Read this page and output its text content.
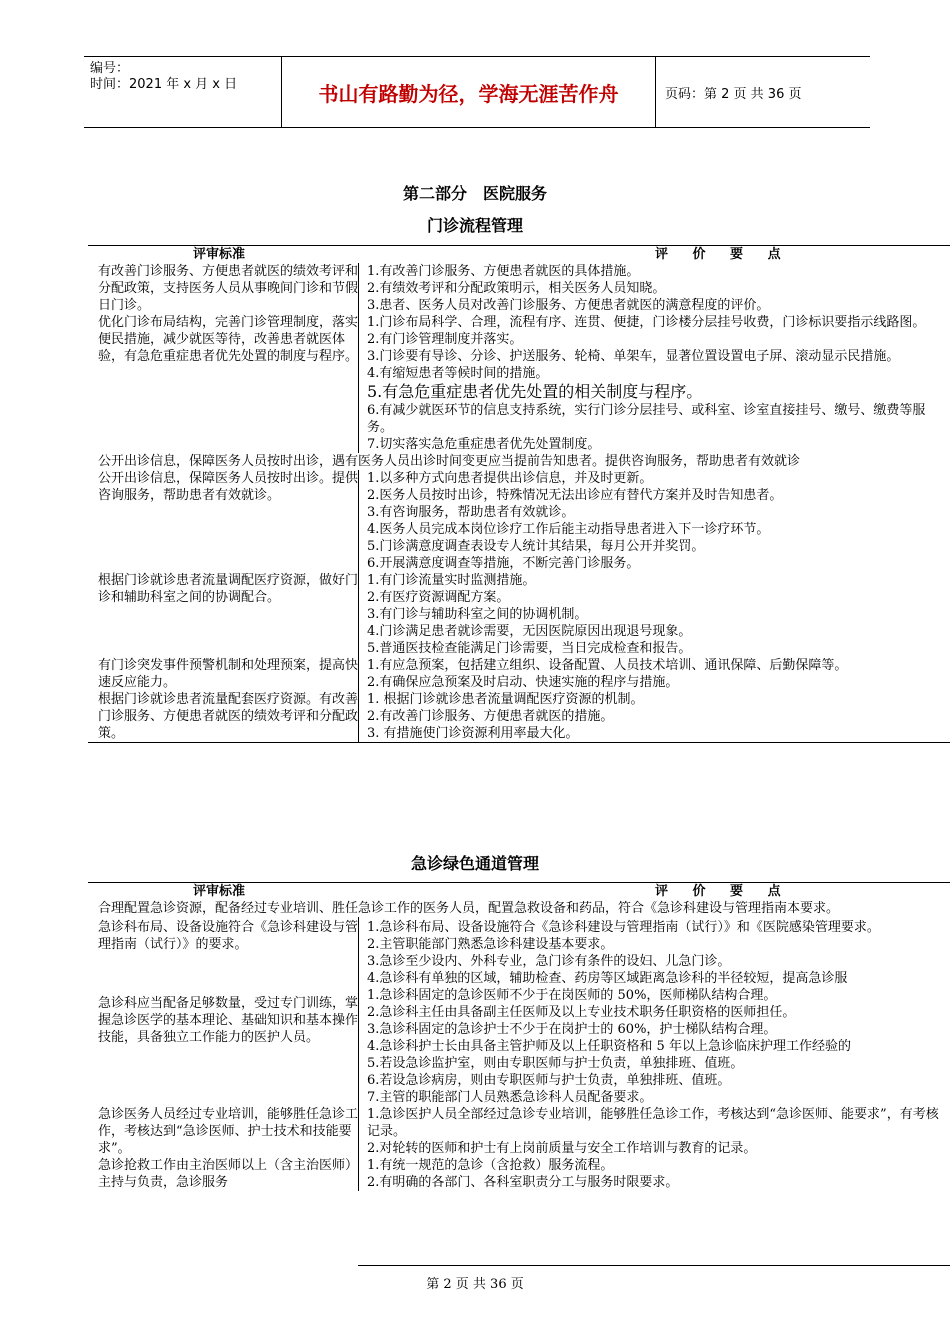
编号：
时间：2021 年 x 月 x 日	书山有路勤为径，学海无涯苦作舟	页码：第 2 页 共 36 页
第二部分　医院服务
门诊流程管理
评审标准	评 价 要 点
有改善门诊服务、方便患者就医的绩效考评和分配政策，支持医务人员从事晚间门诊和节假日门诊。
1.有改善门诊服务、方便患者就医的具体措施。
2.有绩效考评和分配政策明示，相关医务人员知晓。
3.患者、医务人员对改善门诊服务、方便患者就医的满意程度的评价。
优化门诊布局结构，完善门诊管理制度，落实便民措施，减少就医等待，改善患者就医体验，有急危重症患者优先处置的制度与程序。
1.门诊布局科学、合理，流程有序、连贯、便捷，门诊楼分层挂号收费，门诊标识要指示线路图。
2.有门诊管理制度并落实。
3.门诊要有导诊、分诊、护送服务、轮椅、单架车，显著位置设置电子屏、滚动显示民措施。
4.有缩短患者等候时间的措施。
5.有急危重症患者优先处置的相关制度与程序。
6.有减少就医环节的信息支持系统，实行门诊分层挂号、或科室、诊室直接挂号、缴号、缴费等服务。
7.切实落实急危重症患者优先处置制度。
公开出诊信息，保障医务人员按时出诊，遇有医务人员出诊时间变更应当提前告知患者。提供咨询服务，帮助患者有效就诊
公开出诊信息，保障医务人员按时出诊。提供咨询服务，帮助患者有效就诊。
1.以多种方式向患者提供出诊信息，并及时更新。
2.医务人员按时出诊，特殊情况无法出诊应有替代方案并及时告知患者。
3.有咨询服务，帮助患者有效就诊。
4.医务人员完成本岗位诊疗工作后能主动指导患者进入下一诊疗环节。
5.门诊满意度调查表设专人统计其结果，每月公开并奖罚。
6.开展满意度调查等措施，不断完善门诊服务。
根据门诊就诊患者流量调配医疗资源，做好门诊和辅助科室之间的协调配合。
1.有门诊流量实时监测措施。
2.有医疗资源调配方案。
3.有门诊与辅助科室之间的协调机制。
4.门诊满足患者就诊需要，无因医院原因出现退号现象。
5.普通医技检查能满足门诊需要，当日完成检查和报告。
有门诊突发事件预警机制和处理预案，提高快速反应能力。
1.有应急预案，包括建立组织、设备配置、人员技术培训、通讯保障、后勤保障等。
2.有确保应急预案及时启动、快速实施的程序与措施。
根据门诊就诊患者流量配套医疗资源。有改善门诊服务、方便患者就医的绩效考评和分配政策。
1. 根据门诊就诊患者流量调配医疗资源的机制。
2.有改善门诊服务、方便患者就医的措施。
3. 有措施使门诊资源利用率最大化。
急诊绿色通道管理
评审标准	评 价 要 点
合理配置急诊资源，配备经过专业培训、胜任急诊工作的医务人员，配置急救设备和药品，符合《急诊科建设与管理指南本要求。
急诊科布局、设备设施符合《急诊科建设与管理指南（试行）》的要求。
1.急诊科布局、设备设施符合《急诊科建设与管理指南（试行）》和《医院感染管理要求。
2.主管职能部门熟悉急诊科建设基本要求。
3.急诊至少设内、外科专业，急门诊有条件的设妇、儿急门诊。
4.急诊科有单独的区域，辅助检查、药房等区域距离急诊科的半径较短，提高急诊服
急诊科应当配备足够数量，受过专门训练，掌握急诊医学的基本理论、基础知识和基本操作技能，具备独立工作能力的医护人员。
1.急诊科固定的急诊医师不少于在岗医师的 50%，医师梯队结构合理。
2.急诊科主任由具备副主任医师及以上专业技术职务任职资格的医师担任。
3.急诊科固定的急诊护士不少于在岗护士的 60%，护士梯队结构合理。
4.急诊科护士长由具备主管护师及以上任职资格和 5 年以上急诊临床护理工作经验的
5.若设急诊监护室，则由专职医师与护士负责，单独排班、值班。
6.若设急诊病房，则由专职医师与护士负责，单独排班、值班。
7.主管的职能部门人员熟悉急诊科人员配备要求。
急诊医务人员经过专业培训，能够胜任急诊工作，考核达到“急诊医师、护士技术和技能要求”。
1.急诊医护人员全部经过急诊专业培训，能够胜任急诊工作，考核达到“急诊医师、能要求”，有考核记录。
2.对轮转的医师和护士有上岗前质量与安全工作培训与教育的记录。
急诊抢救工作由主治医师以上（含主治医师）主持与负责，急诊服务
1.有统一规范的急诊（含抢救）服务流程。
2.有明确的各部门、各科室职责分工与服务时限要求。
第 2 页 共 36 页
